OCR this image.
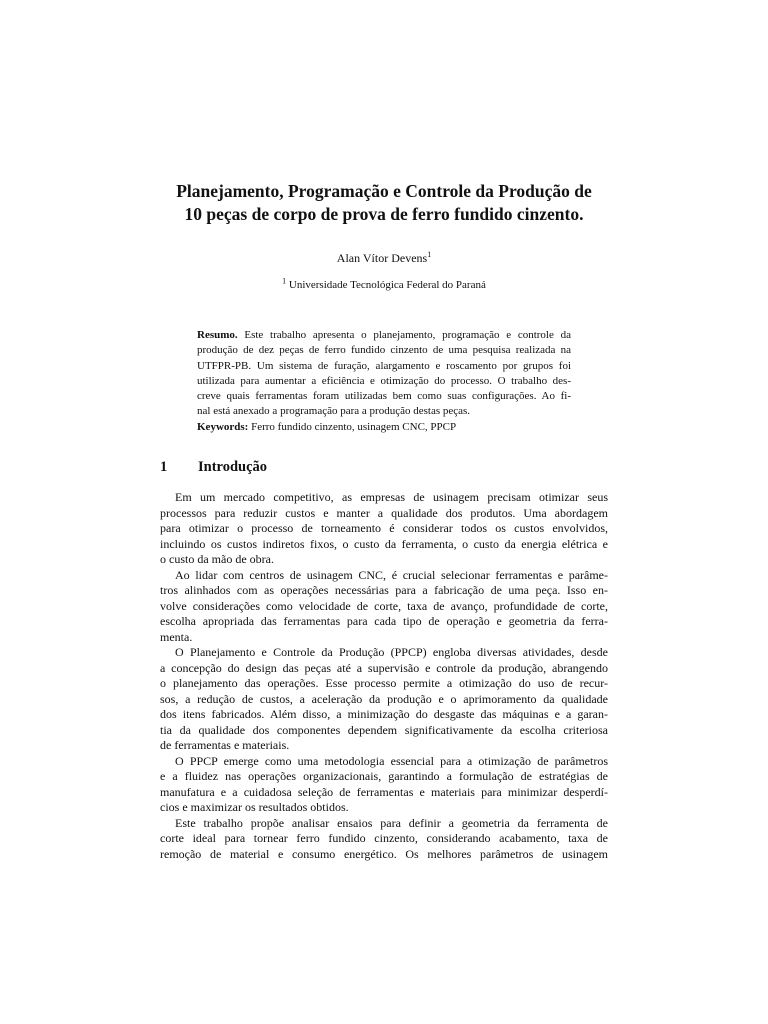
Planejamento, Programação e Controle da Produção de
10 peças de corpo de prova de ferro fundido cinzento.
Alan Vítor Devens$^1$
$^1$ Universidade Tecnológica Federal do Paraná
Resumo. Este trabalho apresenta o planejamento, programação e controle da
produção de dez peças de ferro fundido cinzento de uma pesquisa realizada na
UTFPR-PB. Um sistema de furação, alargamento e roscamento por grupos foi
utilizada para aumentar a eficiência e otimização do processo. O trabalho des-
creve quais ferramentas foram utilizadas bem como suas configurações. Ao fi-
nal está anexado a programação para a produção destas peças.
Keywords: Ferro fundido cinzento, usinagem CNC, PPCP
1 Introdução
Em um mercado competitivo, as empresas de usinagem precisam otimizar seus
processos para reduzir custos e manter a qualidade dos produtos. Uma abordagem
para otimizar o processo de torneamento é considerar todos os custos envolvidos,
incluindo os custos indiretos fixos, o custo da ferramenta, o custo da energia elétrica e
o custo da mão de obra.
Ao lidar com centros de usinagem CNC, é crucial selecionar ferramentas e parâme-
tros alinhados com as operações necessárias para a fabricação de uma peça. Isso en-
volve considerações como velocidade de corte, taxa de avanço, profundidade de corte,
escolha apropriada das ferramentas para cada tipo de operação e geometria da ferra-
menta.
O Planejamento e Controle da Produção (PPCP) engloba diversas atividades, desde
a concepção do design das peças até a supervisão e controle da produção, abrangendo
o planejamento das operações. Esse processo permite a otimização do uso de recur-
sos, a redução de custos, a aceleração da produção e o aprimoramento da qualidade
dos itens fabricados. Além disso, a minimização do desgaste das máquinas e a garan-
tia da qualidade dos componentes dependem significativamente da escolha criteriosa
de ferramentas e materiais.
O PPCP emerge como uma metodologia essencial para a otimização de parâmetros
e a fluidez nas operações organizacionais, garantindo a formulação de estratégias de
manufatura e a cuidadosa seleção de ferramentas e materiais para minimizar desperdí-
cios e maximizar os resultados obtidos.
Este trabalho propõe analisar ensaios para definir a geometria da ferramenta de
corte ideal para tornear ferro fundido cinzento, considerando acabamento, taxa de
remoção de material e consumo energético. Os melhores parâmetros de usinagem
